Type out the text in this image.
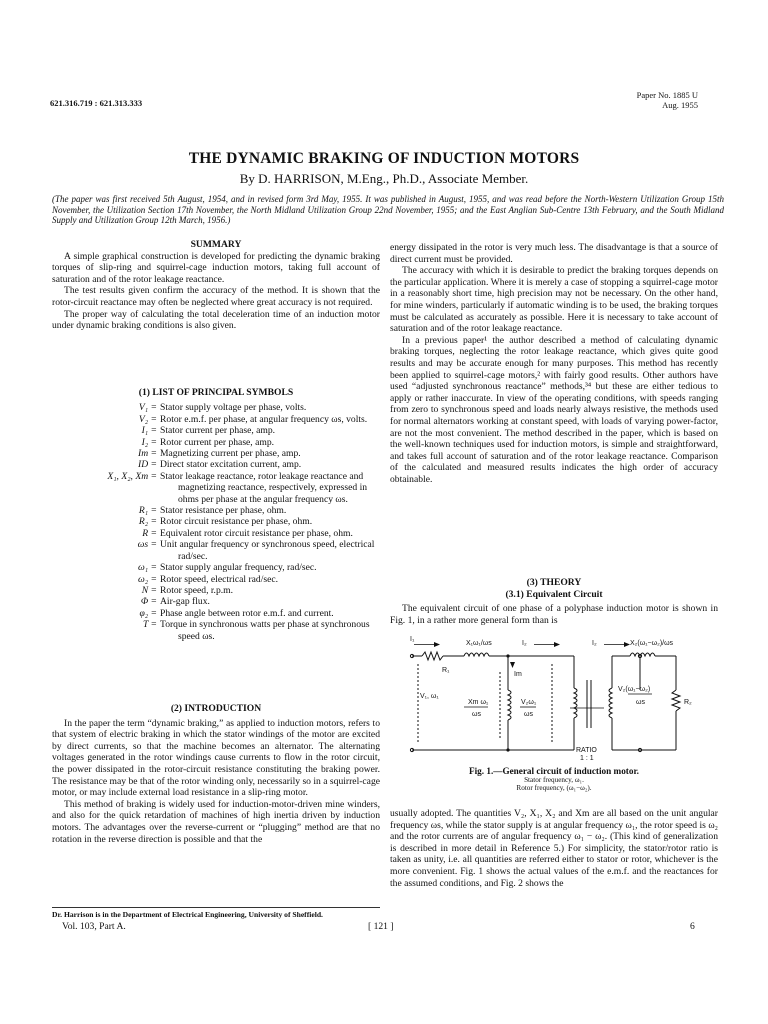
621.316.719 : 621.313.333
Paper No. 1885 U
Aug. 1955
THE DYNAMIC BRAKING OF INDUCTION MOTORS
By D. HARRISON, M.Eng., Ph.D., Associate Member.
(The paper was first received 5th August, 1954, and in revised form 3rd May, 1955. It was published in August, 1955, and was read before the North-Western Utilization Group 15th November, the Utilization Section 17th November, the North Midland Utilization Group 22nd November, 1955; and the East Anglian Sub-Centre 13th February, and the South Midland Supply and Utilization Group 12th March, 1956.)
SUMMARY

A simple graphical construction is developed for predicting the dynamic braking torques of slip-ring and squirrel-cage induction motors, taking full account of saturation and of the rotor leakage reactance.

The test results given confirm the accuracy of the method. It is shown that the rotor-circuit reactance may often be neglected where great accuracy is not required.

The proper way of calculating the total deceleration time of an induction motor under dynamic braking conditions is also given.

(1) LIST OF PRINCIPAL SYMBOLS
V₁ = Stator supply voltage per phase, volts.
V₂ = Rotor e.m.f. per phase, at angular frequency ωs, volts.
I₁ = Stator current per phase, amp.
I₂ = Rotor current per phase, amp.
Im = Magnetizing current per phase, amp.
ID = Direct stator excitation current, amp.
X₁, X₂, Xm = Stator leakage reactance, rotor leakage reactance and magnetizing reactance, respectively, expressed in ohms per phase at the angular frequency ωs.
R₁ = Stator resistance per phase, ohm.
R₂ = Rotor circuit resistance per phase, ohm.
R = Equivalent rotor circuit resistance per phase, ohm.
ωs = Unit angular frequency or synchronous speed, electrical rad/sec.
ω₁ = Stator supply angular frequency, rad/sec.
ω₂ = Rotor speed, electrical rad/sec.
N = Rotor speed, r.p.m.
Φ = Air-gap flux.
φ₂ = Phase angle between rotor e.m.f. and current.
T = Torque in synchronous watts per phase at synchronous speed ωs.
(2) INTRODUCTION

In the paper the term “dynamic braking,” as applied to induction motors, refers to that system of electric braking in which the stator windings of the motor are excited by direct currents, so that the machine becomes an alternator. The alternating voltages generated in the rotor windings cause currents to flow in the rotor circuit, the power dissipated in the rotor-circuit resistance constituting the braking power. The resistance may be that of the rotor winding only, necessarily so in a squirrel-cage motor, or may include external load resistance in a slip-ring motor.

This method of braking is widely used for induction-motor-driven mine winders, and also for the quick retardation of machines of high inertia driven by induction motors. The advantages over the reverse-current or “plugging” method are that no rotation in the reverse direction is possible and that the

energy dissipated in the rotor is very much less. The disadvantage is that a source of direct current must be provided.

The accuracy with which it is desirable to predict the braking torques depends on the particular application. Where it is merely a case of stopping a squirrel-cage motor in a reasonably short time, high precision may not be necessary. On the other hand, for mine winders, particularly if automatic winding is to be used, the braking torques must be calculated as accurately as possible. Here it is necessary to take account of saturation and of the rotor leakage reactance.

In a previous paper¹ the author described a method of calculating dynamic braking torques, neglecting the rotor leakage reactance, which gives quite good results and may be accurate enough for many purposes. This method has recently been applied to squirrel-cage motors,² with fairly good results. Other authors have used “adjusted synchronous reactance” methods,³⁴ but these are either tedious to apply or rather inaccurate. In view of the operating conditions, with speeds ranging from zero to synchronous speed and loads nearly always resistive, the methods used for normal alternators working at constant speed, with loads of varying power-factor, are not the most convenient. The method described in the paper, which is based on the well-known techniques used for induction motors, is simple and straightforward, and takes full account of saturation and of the rotor leakage reactance. Comparison of the calculated and measured results indicates the high order of accuracy obtainable.

(3) THEORY
(3.1) Equivalent Circuit

The equivalent circuit of one phase of a polyphase induction motor is shown in Fig. 1, in a rather more general form than is

I₁
X₁ω₁/ωs	I₂	I₂	X₂(ω₁−ω₂)/ωs
R₁
Im
V₁, ω₁
Xm ω₁
ωs
V₂ω₁
ωs
V₂(ω₁−ω₂)
ωs	R₂
RATIO
1 : 1
Fig. 1.—General circuit of induction motor.
Stator frequency, ω₁.
Rotor frequency, (ω₁−ω₂).

usually adopted. The quantities V₂, X₁, X₂ and Xm are all based on the unit angular frequency ωs, while the stator supply is at angular frequency ω₁, the rotor speed is ω₂ and the rotor currents are of angular frequency ω₁ − ω₂. (This kind of generalization is described in more detail in Reference 5.) For simplicity, the stator/rotor ratio is taken as unity, i.e. all quantities are referred either to stator or rotor, whichever is the more convenient. Fig. 1 shows the actual values of the e.m.f. and the reactances for the assumed conditions, and Fig. 2 shows the

Dr. Harrison is in the Department of Electrical Engineering, University of Sheffield.
Vol. 103, Part A.	[ 121 ]	6
